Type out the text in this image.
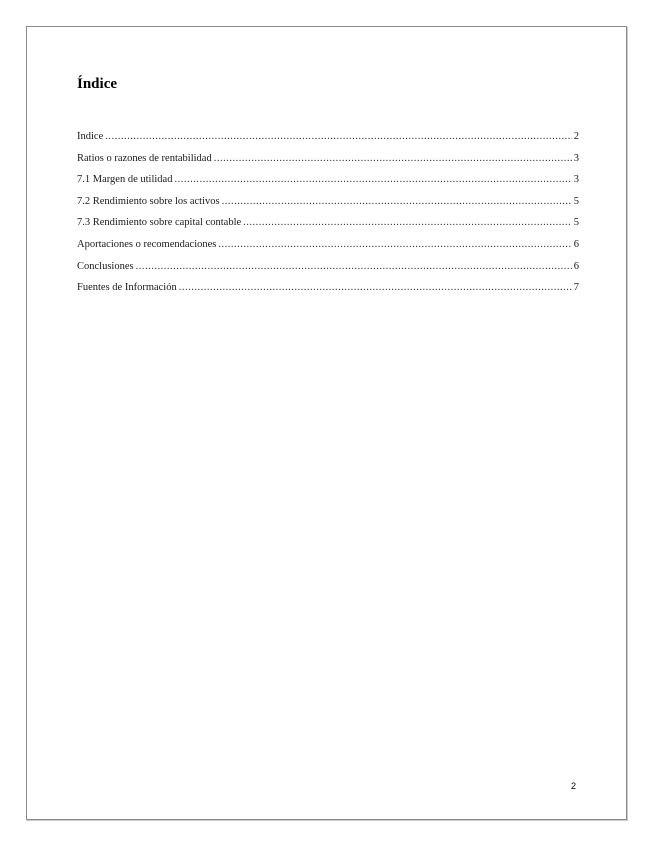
Índice
Índice .....	2
Ratios o razones de rentabilidad .....	3
7.1 Margen de utilidad .....	3
7.2 Rendimiento sobre los activos .....	5
7.3 Rendimiento sobre capital contable .....	5
Aportaciones o recomendaciones .....	6
Conclusiones .....	6
Fuentes de Información .....	7
2
